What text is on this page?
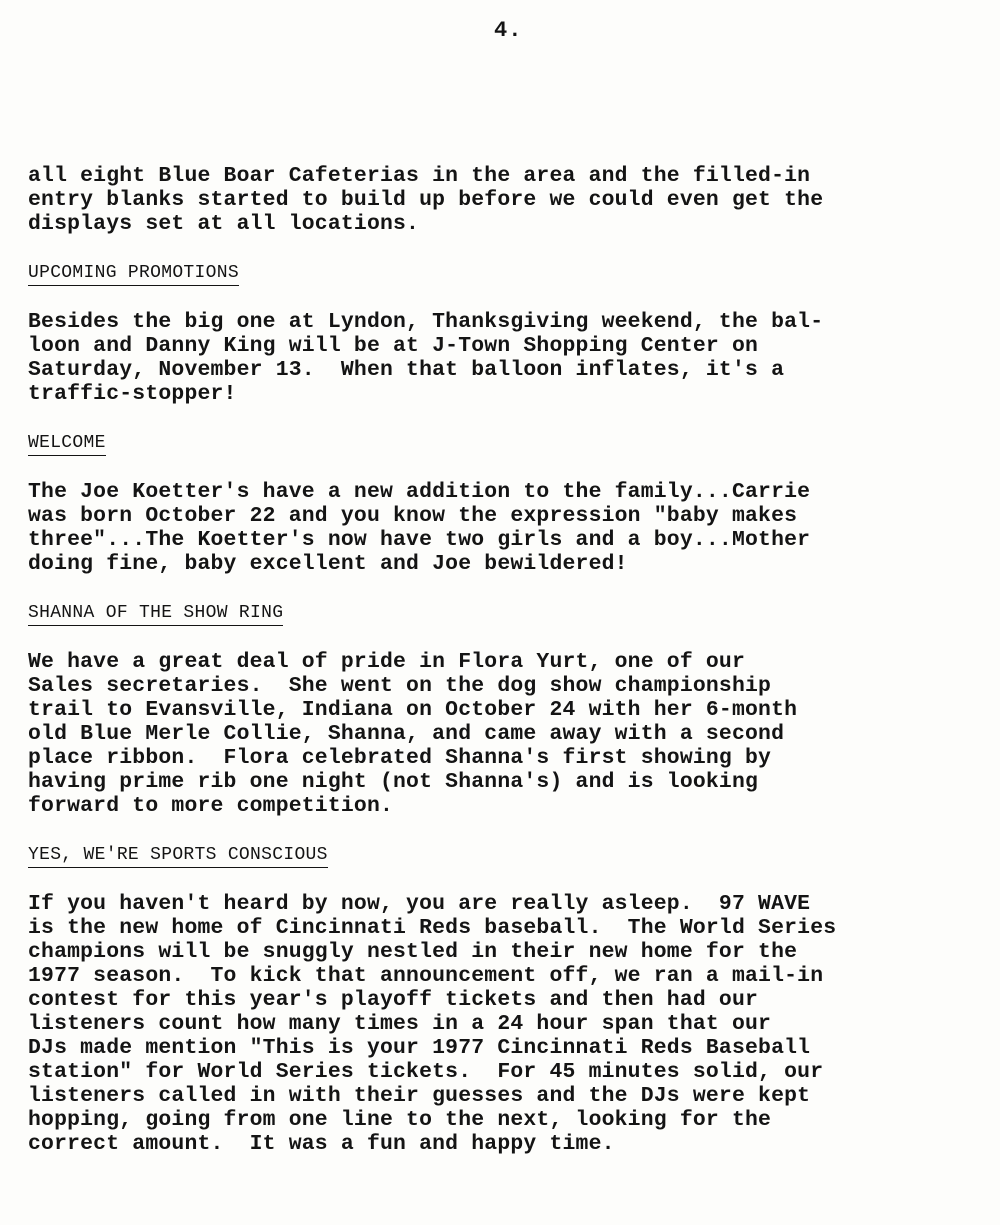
4.
all eight Blue Boar Cafeterias in the area and the filled-in
entry blanks started to build up before we could even get the
displays set at all locations.
UPCOMING PROMOTIONS
Besides the big one at Lyndon, Thanksgiving weekend, the bal-
loon and Danny King will be at J-Town Shopping Center on
Saturday, November 13.  When that balloon inflates, it's a
traffic-stopper!
WELCOME
The Joe Koetter's have a new addition to the family...Carrie
was born October 22 and you know the expression "baby makes
three"...The Koetter's now have two girls and a boy...Mother
doing fine, baby excellent and Joe bewildered!
SHANNA OF THE SHOW RING
We have a great deal of pride in Flora Yurt, one of our
Sales secretaries.  She went on the dog show championship
trail to Evansville, Indiana on October 24 with her 6-month
old Blue Merle Collie, Shanna, and came away with a second
place ribbon.  Flora celebrated Shanna's first showing by
having prime rib one night (not Shanna's) and is looking
forward to more competition.
YES, WE'RE SPORTS CONSCIOUS
If you haven't heard by now, you are really asleep.  97 WAVE
is the new home of Cincinnati Reds baseball.  The World Series
champions will be snuggly nestled in their new home for the
1977 season.  To kick that announcement off, we ran a mail-in
contest for this year's playoff tickets and then had our
listeners count how many times in a 24 hour span that our
DJs made mention "This is your 1977 Cincinnati Reds Baseball
station" for World Series tickets.  For 45 minutes solid, our
listeners called in with their guesses and the DJs were kept
hopping, going from one line to the next, looking for the
correct amount.  It was a fun and happy time.
